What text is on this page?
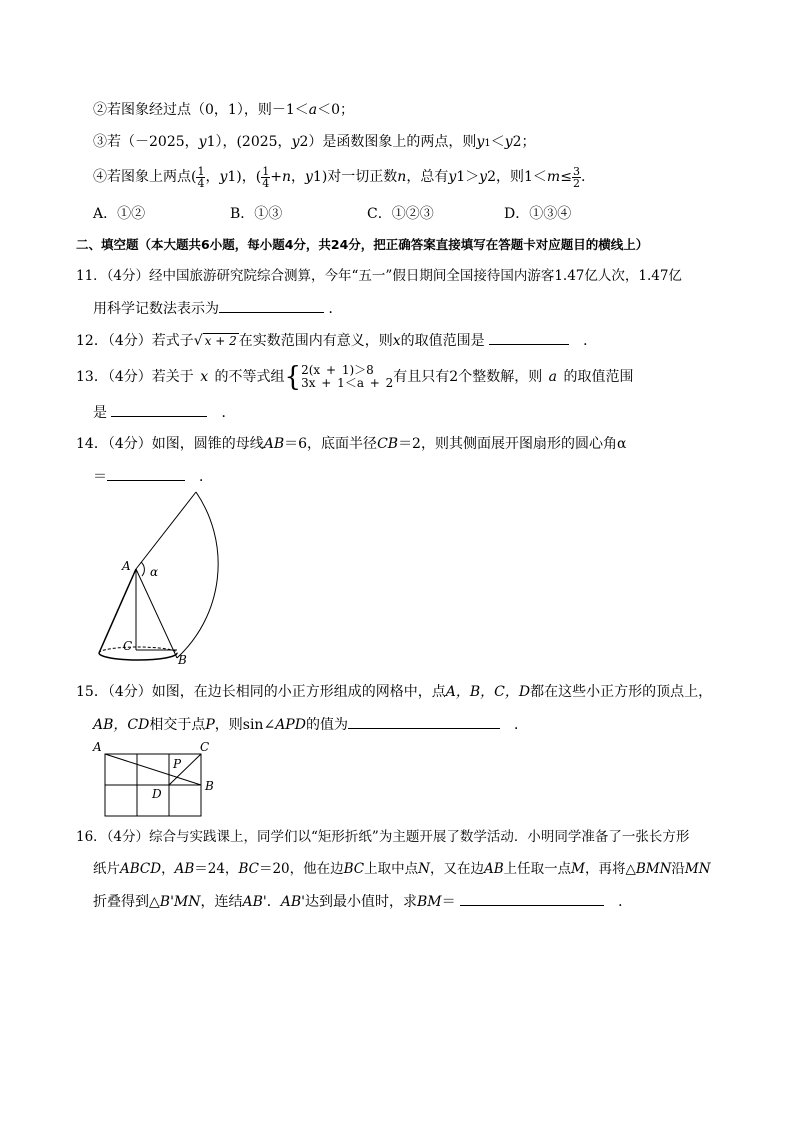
②若图象经过点（0，1），则－1＜a＜0；
③若（－2025，y1），(2025，y2）是函数图象上的两点，则y1＜y2；
④若图象上两点( $\frac{1}{4}$ ，y1)，( $\frac{1}{4} +n$，y1)对一切正数n，总有y1＞y2，则$1<m\le \frac{3}{2}$ .
A．①②	B．①③	C．①②③	D．①③④
二、填空题（本大题共6小题，每小题4分，共24分，把正确答案直接填写在答题卡对应题目的横线上）
11．（4分）经中国旅游研究院综合测算，今年“五一”假日期间全国接待国内游客1.47亿人次，1.47亿
用科学记数法表示为	．
12．（4分）若式子√ x + 2 在实数范围内有意义，则x的取值范围是 　	．
13．（4分）若关于 x 的不等式组{ 2(x + 1)＞8
3x + 1＜a + 2 有且只有2个整数解，则 a 的取值范围
是 　	．
14．（4分）如图，圆锥的母线AB＝6，底面半径CB＝2，则其侧面展开图扇形的圆心角α
＝　	．
A α
C
B
15．（4分）如图，在边长相同的小正方形组成的网格中，点A，B，C，D都在这些小正方形的顶点上，
AB，CD相交于点P，则sin∠APD的值为　	．
A	C
B
D
P
16．（4分）综合与实践课上，同学们以“矩形折纸”为主题开展了数学活动．小明同学准备了一张长方形
纸片ABCD，AB＝24，BC＝20，他在边BC上取中点N，又在边AB上任取一点M，再将△BMN沿MN
折叠得到△B'MN，连结AB'．AB'达到最小值时，求BM＝ 　	．
